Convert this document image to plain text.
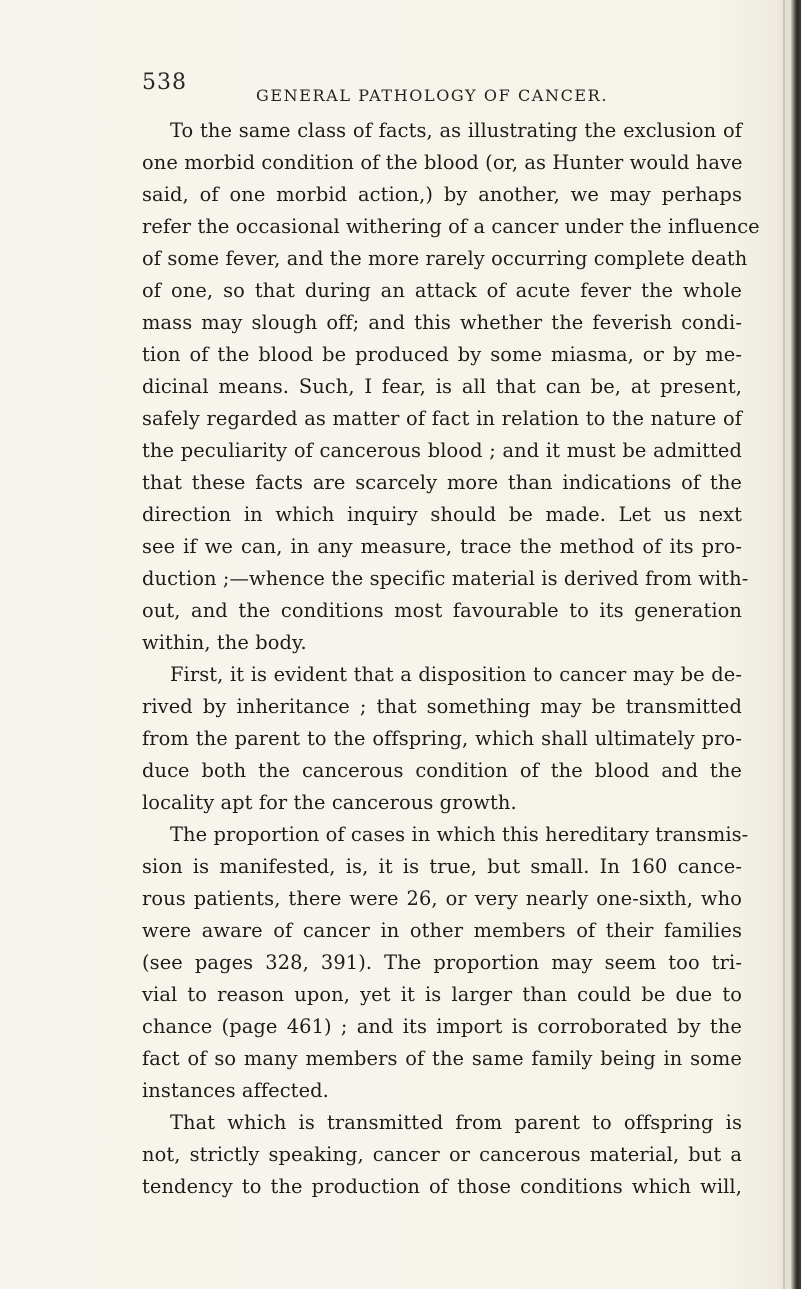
538
GENERAL PATHOLOGY OF CANCER.
To the same class of facts, as illustrating the exclusion of
one morbid condition of the blood (or, as Hunter would have
said, of one morbid action,) by another, we may perhaps
refer the occasional withering of a cancer under the influence
of some fever, and the more rarely occurring complete death
of one, so that during an attack of acute fever the whole
mass may slough off; and this whether the feverish condi-
tion of the blood be produced by some miasma, or by me-
dicinal means. Such, I fear, is all that can be, at present,
safely regarded as matter of fact in relation to the nature of
the peculiarity of cancerous blood ; and it must be admitted
that these facts are scarcely more than indications of the
direction in which inquiry should be made. Let us next
see if we can, in any measure, trace the method of its pro-
duction ;—whence the specific material is derived from with-
out, and the conditions most favourable to its generation
within, the body.
First, it is evident that a disposition to cancer may be de-
rived by inheritance ; that something may be transmitted
from the parent to the offspring, which shall ultimately pro-
duce both the cancerous condition of the blood and the
locality apt for the cancerous growth.
The proportion of cases in which this hereditary transmis-
sion is manifested, is, it is true, but small. In 160 cance-
rous patients, there were 26, or very nearly one-sixth, who
were aware of cancer in other members of their families
(see pages 328, 391). The proportion may seem too tri-
vial to reason upon, yet it is larger than could be due to
chance (page 461) ; and its import is corroborated by the
fact of so many members of the same family being in some
instances affected.
That which is transmitted from parent to offspring is
not, strictly speaking, cancer or cancerous material, but a
tendency to the production of those conditions which will,
